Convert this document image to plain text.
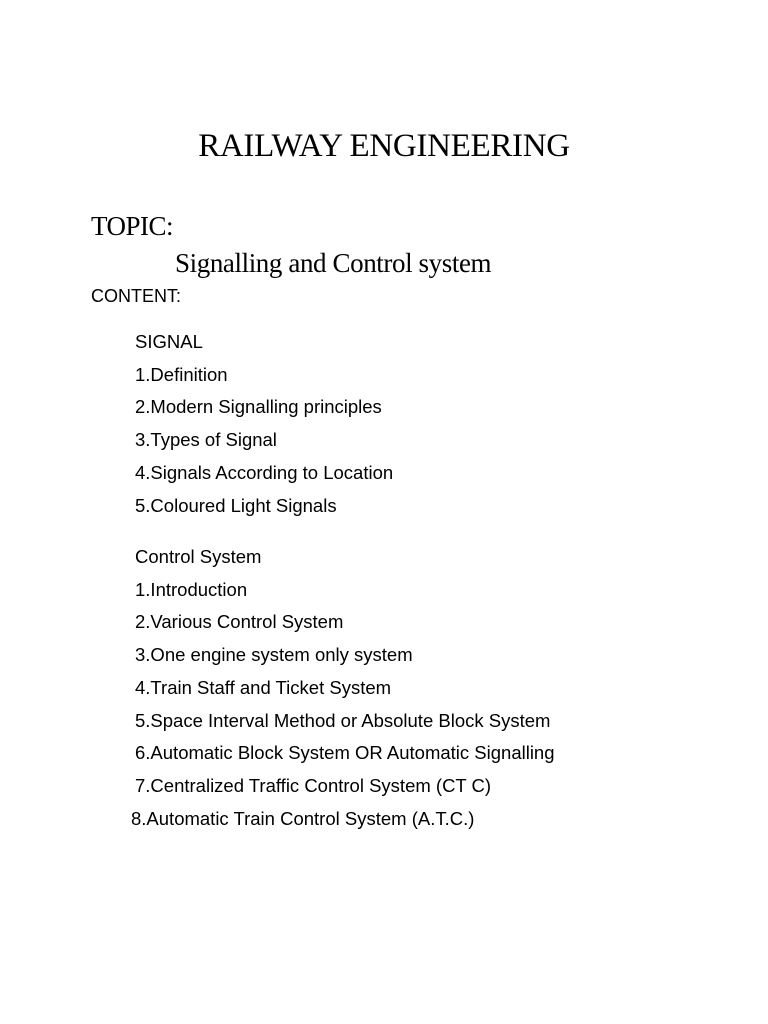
RAILWAY ENGINEERING
TOPIC:
Signalling and Control system
CONTENT:
SIGNAL
1.Definition
2.Modern Signalling principles
3.Types of Signal
4.Signals According to Location
5.Coloured Light Signals
Control System
1.Introduction
2.Various Control System
3.One engine system only system
4.Train Staff and Ticket System
5.Space Interval Method or Absolute Block System
6.Automatic Block System OR Automatic Signalling
7.Centralized Traffic Control System (CT C)
8.Automatic Train Control System (A.T.C.)
